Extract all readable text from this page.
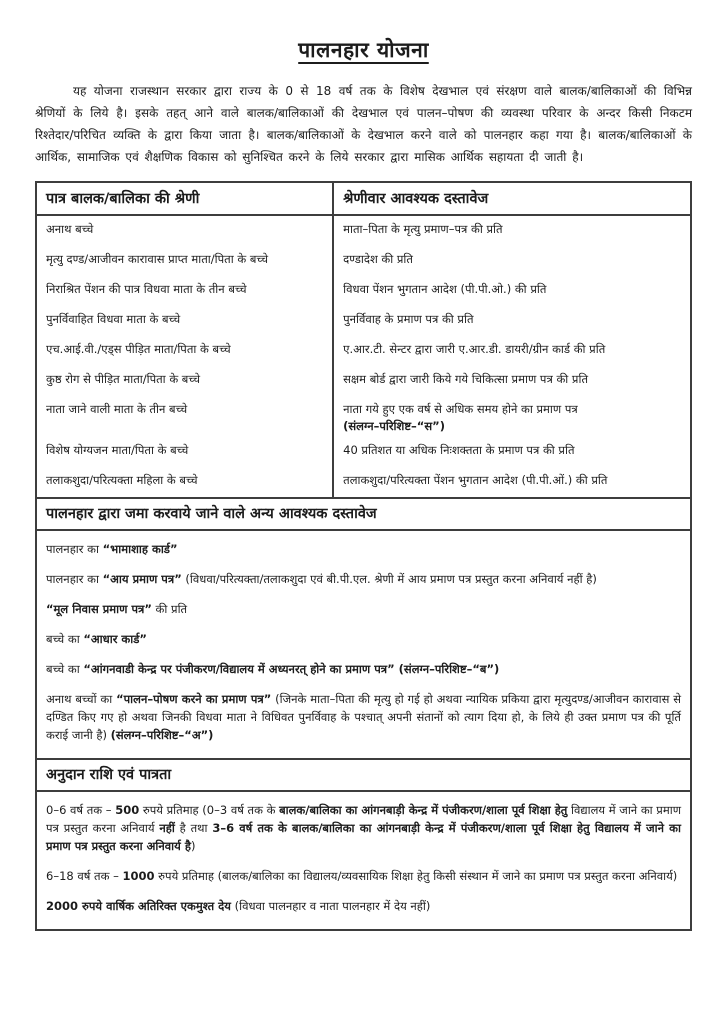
पालनहार योजना

यह योजना राजस्थान सरकार द्वारा राज्य के 0 से 18 वर्ष तक के विशेष देखभाल एवं संरक्षण वाले बालक/बालिकाओं की विभिन्न श्रेणियों के लिये है। इसके तहत् आने वाले बालक/बालिकाओं की देखभाल एवं पालन–पोषण की व्यवस्था परिवार के अन्दर किसी निकटम रिश्तेदार/परिचित व्यक्ति के द्वारा किया जाता है। बालक/बालिकाओं के देखभाल करने वाले को पालनहार कहा गया है। बालक/बालिकाओं के आर्थिक, सामाजिक एवं शैक्षणिक विकास को सुनिश्चित करने के लिये सरकार द्वारा मासिक आर्थिक सहायता दी जाती है।

पात्र बालक/बालिका की श्रेणी	श्रेणीवार आवश्यक दस्तावेज
अनाथ बच्चे	माता–पिता के मृत्यु प्रमाण–पत्र की प्रति
मृत्यु दण्ड/आजीवन कारावास प्राप्त माता/पिता के बच्चे	दण्डादेश की प्रति
निराश्रित पेंशन की पात्र विधवा माता के तीन बच्चे	विधवा पेंशन भुगतान आदेश (पी.पी.ओ.) की प्रति
पुनर्विवाहित विधवा माता के बच्चे	पुनर्विवाह के प्रमाण पत्र की प्रति
एच.आई.वी./एड्स पीड़ित माता/पिता के बच्चे	ए.आर.टी. सेन्टर द्वारा जारी ए.आर.डी. डायरी/ग्रीन कार्ड की प्रति
कुष्ठ रोग से पीड़ित माता/पिता के बच्चे	सक्षम बोर्ड द्वारा जारी किये गये चिकित्सा प्रमाण पत्र की प्रति
नाता जाने वाली माता के तीन बच्चे	नाता गये हुए एक वर्ष से अधिक समय होने का प्रमाण पत्र
(संलग्न–परिशिष्ट–“स”)
विशेष योग्यजन माता/पिता के बच्चे	40 प्रतिशत या अधिक निःशक्तता के प्रमाण पत्र की प्रति
तलाकशुदा/परित्यक्ता महिला के बच्चे	तलाकशुदा/परित्यक्ता पेंशन भुगतान आदेश (पी.पी.ओं.) की प्रति
पालनहार द्वारा जमा करवाये जाने वाले अन्य आवश्यक दस्तावेज

पालनहार का “भामाशाह कार्ड”

पालनहार का “आय प्रमाण पत्र” (विधवा/परित्यक्ता/तलाकशुदा एवं बी.पी.एल. श्रेणी में आय प्रमाण पत्र प्रस्तुत करना अनिवार्य नहीं है)

“मूल निवास प्रमाण पत्र” की प्रति

बच्चे का “आधार कार्ड”

बच्चे का “आंगनवाडी केन्द्र पर पंजीकरण/विद्यालय में अध्यनरत् होने का प्रमाण पत्र” (संलग्न–परिशिष्ट–“ब”)

अनाथ बच्चों का “पालन–पोषण करने का प्रमाण पत्र” (जिनके माता–पिता की मृत्यु हो गई हो अथवा न्यायिक प्रकिया द्वारा मृत्युदण्ड/आजीवन कारावास से दण्डित किए गए हो अथवा जिनकी विधवा माता ने विधिवत पुनर्विवाह के पश्चात् अपनी संतानों को त्याग दिया हो, के लिये ही उक्त प्रमाण पत्र की पूर्ति कराई जानी है) (संलग्न–परिशिष्ट–“अ”)

अनुदान राशि एवं पात्रता

0–6 वर्ष तक – 500 रुपये प्रतिमाह (0–3 वर्ष तक के बालक/बालिका का आंगनबाड़ी केन्द्र में पंजीकरण/शाला पूर्व शिक्षा हेतु विद्यालय में जाने का प्रमाण पत्र प्रस्तुत करना अनिवार्य नहीं है तथा 3–6 वर्ष तक के बालक/बालिका का आंगनबाड़ी केन्द्र में पंजीकरण/शाला पूर्व शिक्षा हेतु विद्यालय में जाने का प्रमाण पत्र प्रस्तुत करना अनिवार्य है)

6–18 वर्ष तक – 1000 रुपये प्रतिमाह (बालक/बालिका का विद्यालय/व्यवसायिक शिक्षा हेतु किसी संस्थान में जाने का प्रमाण पत्र प्रस्तुत करना अनिवार्य)

2000 रुपये वार्षिक अतिरिक्त एकमुश्त देय (विधवा पालनहार व नाता पालनहार में देय नहीं)
